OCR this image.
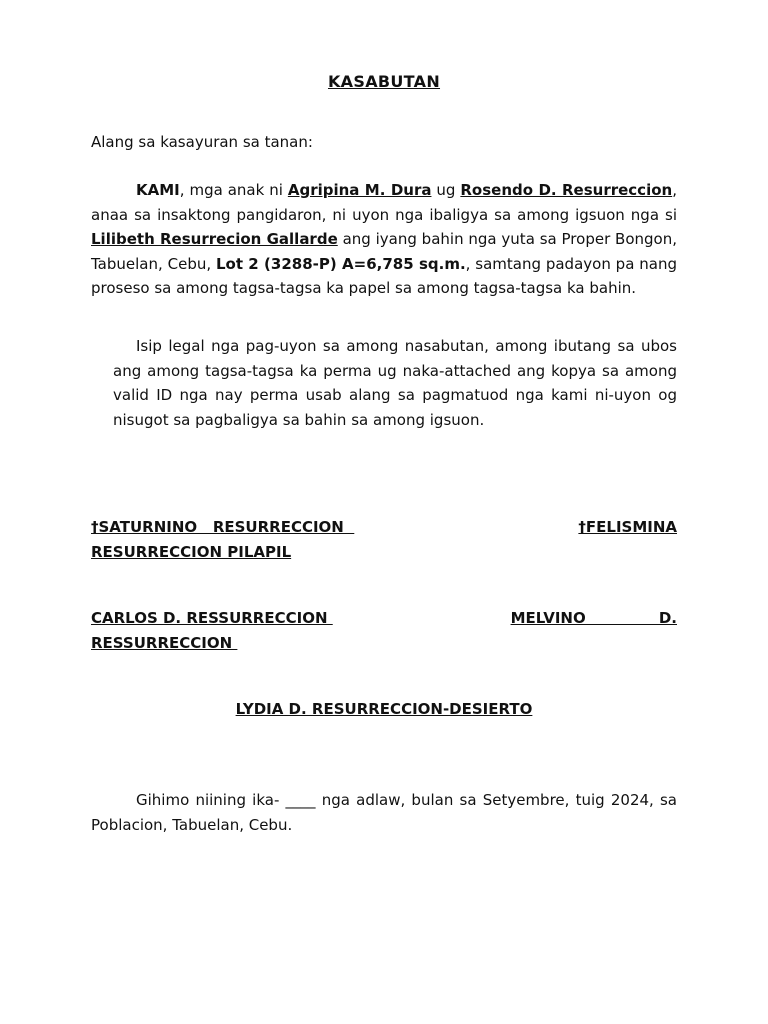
KASABUTAN
Alang sa kasayuran sa tanan:
KAMI, mga anak ni Agripina M. Dura ug Rosendo D. Resurreccion, anaa sa insaktong pangidaron, ni uyon nga ibaligya sa among igsuon nga si Lilibeth Resurrecion Gallarde ang iyang bahin nga yuta sa Proper Bongon, Tabuelan, Cebu, Lot 2 (3288-P) A=6,785 sq.m., samtang padayon pa nang proseso sa among tagsa-tagsa ka papel sa among tagsa-tagsa ka bahin.
Isip legal nga pag-uyon sa among nasabutan, among ibutang sa ubos ang among tagsa-tagsa ka perma ug naka-attached ang kopya sa among valid ID nga nay perma usab alang sa pagmatuod nga kami ni-uyon og nisugot sa pagbaligya sa bahin sa among igsuon.
†SATURNINO   RESURRECCION	†FELISMINA
RESURRECCION PILAPIL
CARLOS D. RESSURRECCION	MELVINO              D.
RESSURRECCION
LYDIA D. RESURRECCION-DESIERTO
Gihimo niining ika- ____ nga adlaw, bulan sa Setyembre, tuig 2024, sa Poblacion, Tabuelan, Cebu.
